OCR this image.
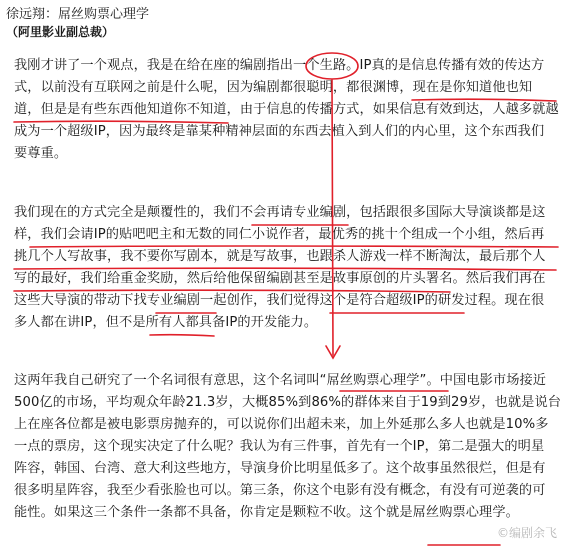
徐远翔：屌丝购票心理学
（阿里影业副总裁）
我刚才讲了一个观点，我是在给在座的编剧指出一个生路。IP真的是信息传播有效的传达方
式，以前没有互联网之前是什么呢，因为编剧都很聪明，都很渊博，现在是你知道他也知
道，但是是有些东西他知道你不知道，由于信息的传播方式，如果信息有效到达，人越多就越
成为一个超级IP，因为最终是靠某种精神层面的东西去植入到人们的内心里，这个东西我们
要尊重。
我们现在的方式完全是颠覆性的，我们不会再请专业编剧，包括跟很多国际大导演谈都是这
样，我们会请IP的贴吧吧主和无数的同仁小说作者，最优秀的挑十个组成一个小组，然后再
挑几个人写故事，我不要你写剧本，就是写故事，也跟杀人游戏一样不断淘汰，最后那个人
写的最好，我们给重金奖励，然后给他保留编剧甚至是故事原创的片头署名。然后我们再在
这些大导演的带动下找专业编剧一起创作，我们觉得这个是符合超级IP的研发过程。现在很
多人都在讲IP，但不是所有人都具备IP的开发能力。
这两年我自己研究了一个名词很有意思，这个名词叫“屌丝购票心理学”。中国电影市场接近
500亿的市场，平均观众年龄21.3岁，大概85%到86%的群体来自于19到29岁，也就是说台
上在座各位都是被电影票房抛弃的，可以说你们出超未来，加上外延那么多人也就是10%多
一点的票房，这个现实决定了什么呢？我认为有三件事，首先有一个IP，第二是强大的明星
阵容，韩国、台湾、意大利这些地方，导演身价比明星低多了。这个故事虽然很烂，但是有
很多明星阵容，我至少看张脸也可以。第三条，你这个电影有没有概念，有没有可逆袭的可
能性。如果这三个条件一条都不具备，你肯定是颗粒不收。这个就是屌丝购票心理学。
©编剧余飞
